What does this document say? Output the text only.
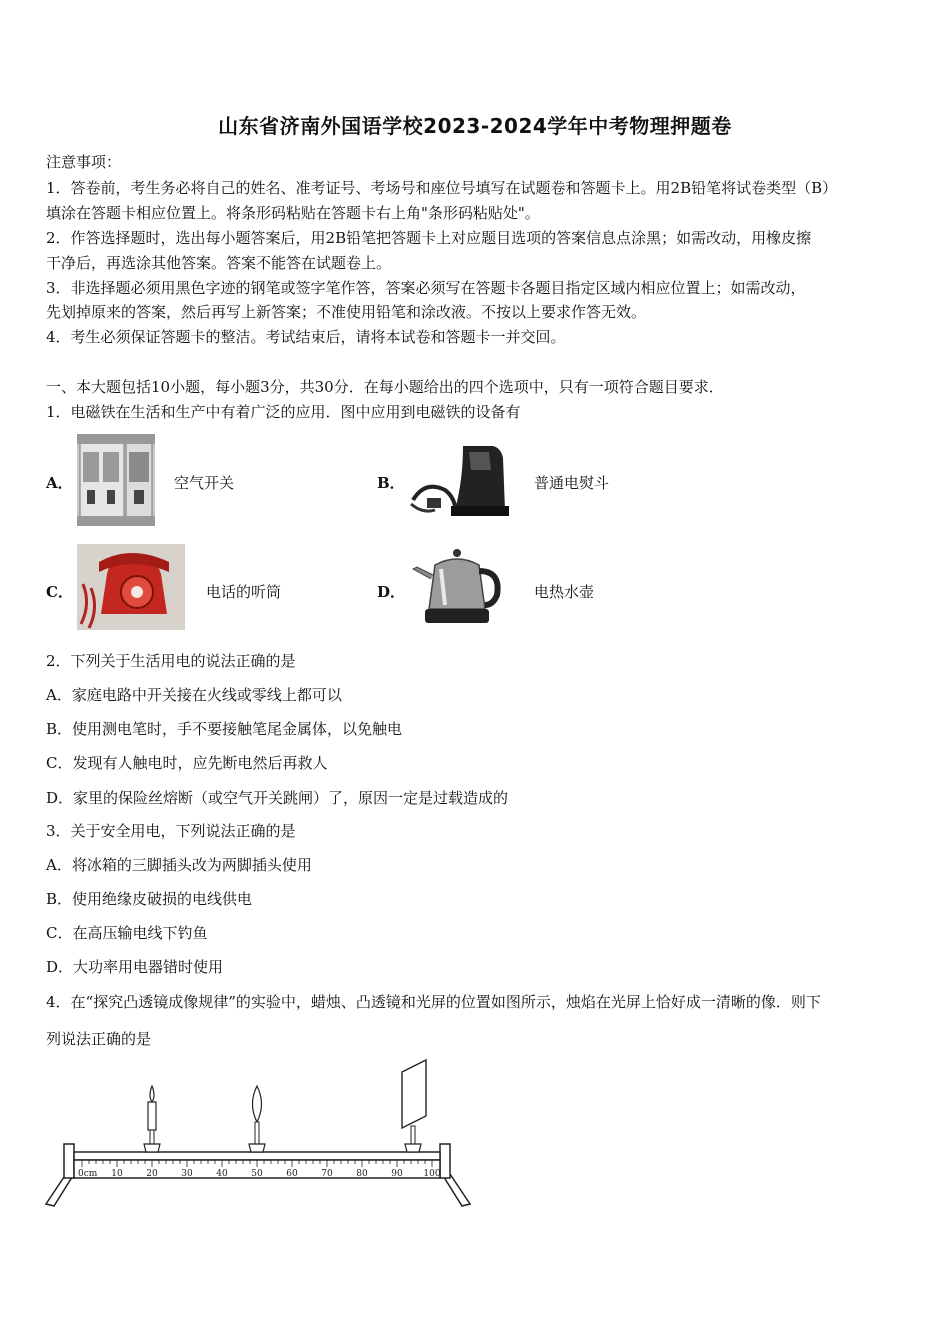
山东省济南外国语学校2023-2024学年中考物理押题卷
注意事项：
1．答卷前，考生务必将自己的姓名、准考证号、考场号和座位号填写在试题卷和答题卡上。用2B铅笔将试卷类型（B）
填涂在答题卡相应位置上。将条形码粘贴在答题卡右上角"条形码粘贴处"。
2．作答选择题时，选出每小题答案后，用2B铅笔把答题卡上对应题目选项的答案信息点涂黑；如需改动，用橡皮擦
干净后，再选涂其他答案。答案不能答在试题卷上。
3．非选择题必须用黑色字迹的钢笔或签字笔作答，答案必须写在答题卡各题目指定区域内相应位置上；如需改动，
先划掉原来的答案，然后再写上新答案；不准使用铅笔和涂改液。不按以上要求作答无效。
4．考生必须保证答题卡的整洁。考试结束后，请将本试卷和答题卡一并交回。
一、本大题包括10小题，每小题3分，共30分．在每小题给出的四个选项中，只有一项符合题目要求．
1．电磁铁在生活和生产中有着广泛的应用．图中应用到电磁铁的设备有
A．	空气开关	B．	普通电熨斗
C．	电话的听筒	D．	电热水壶
2．下列关于生活用电的说法正确的是
A．家庭电路中开关接在火线或零线上都可以
B．使用测电笔时，手不要接触笔尾金属体，以免触电
C．发现有人触电时，应先断电然后再救人
D．家里的保险丝熔断（或空气开关跳闸）了，原因一定是过载造成的
3．关于安全用电，下列说法正确的是
A．将冰箱的三脚插头改为两脚插头使用
B．使用绝缘皮破损的电线供电
C．在高压输电线下钓鱼
D．大功率用电器错时使用
4．在“探究凸透镜成像规律”的实验中，蜡烛、凸透镜和光屏的位置如图所示，烛焰在光屏上恰好成一清晰的像．则下
列说法正确的是
0cm 10	20	30	40	50	60	70	80	90 100
